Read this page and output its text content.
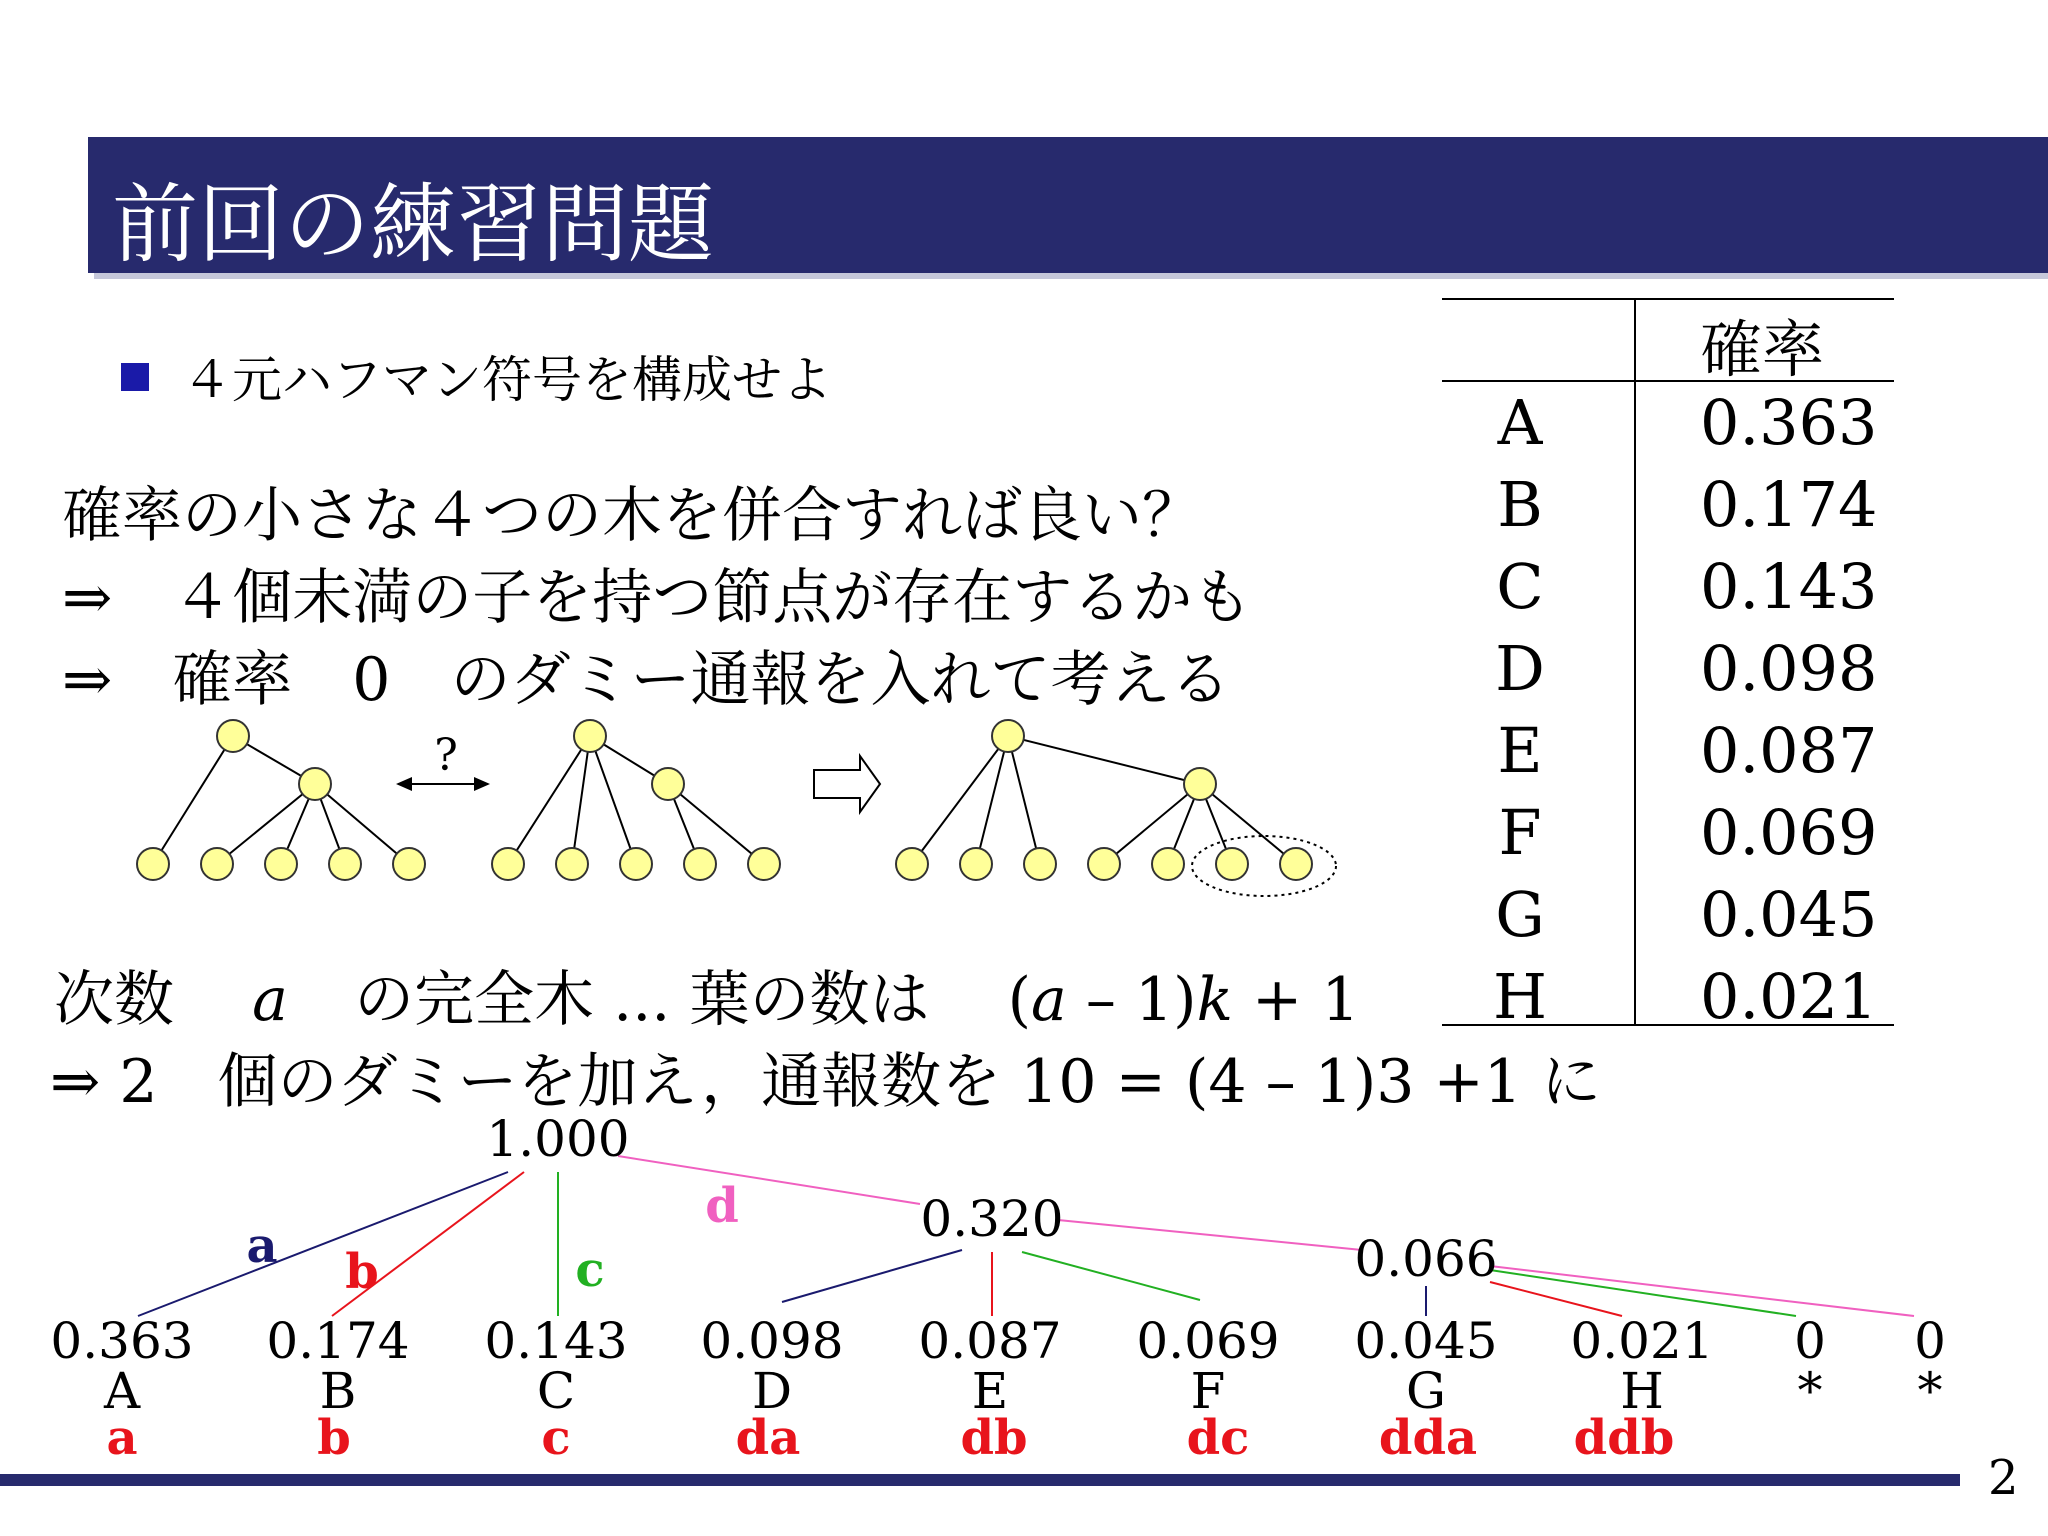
前回の練習問題
４元ハフマン符号を構成せよ
確率の小さな４つの木を併合すれば良い？
⇒　４個未満の子を持つ節点が存在するかも
⇒　確率　0　のダミー通報を入れて考える
次数 a の完全木 ... 葉の数は (a – 1)k + 1
⇒ 2　個のダミーを加え，通報数を 10 = (4 – 1)3 +1 に
?
確率
A	0.363
B	0.174
C	0.143
D	0.098
E	0.087
F	0.069
G	0.045
H	0.021
1.000
0.320
0.066
a b	c
d
0.363
A
a
0.174
B
b
0.143
C
c
0.098
D
da
0.087
E
db
0.069
F
dc
0.045
G
dda
0.021
H
ddb
0
*
0
*
2
